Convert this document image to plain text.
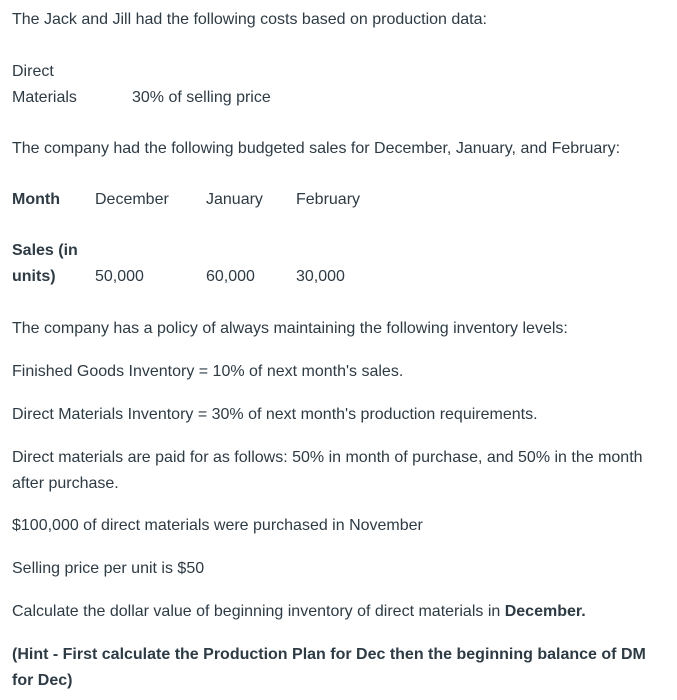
The Jack and Jill had the following costs based on production data:
Direct
Materials	30% of selling price
The company had the following budgeted sales for December, January, and February:
Month December January February
Sales (in
units) 50,000	60,000	30,000
The company has a policy of always maintaining the following inventory levels:
Finished Goods Inventory = 10% of next month's sales.
Direct Materials Inventory = 30% of next month's production requirements.
Direct materials are paid for as follows: 50% in month of purchase, and 50% in the month after purchase.
$100,000 of direct materials were purchased in November
Selling price per unit is $50
Calculate the dollar value of beginning inventory of direct materials in December.
(Hint - First calculate the Production Plan for Dec then the beginning balance of DM for Dec)
